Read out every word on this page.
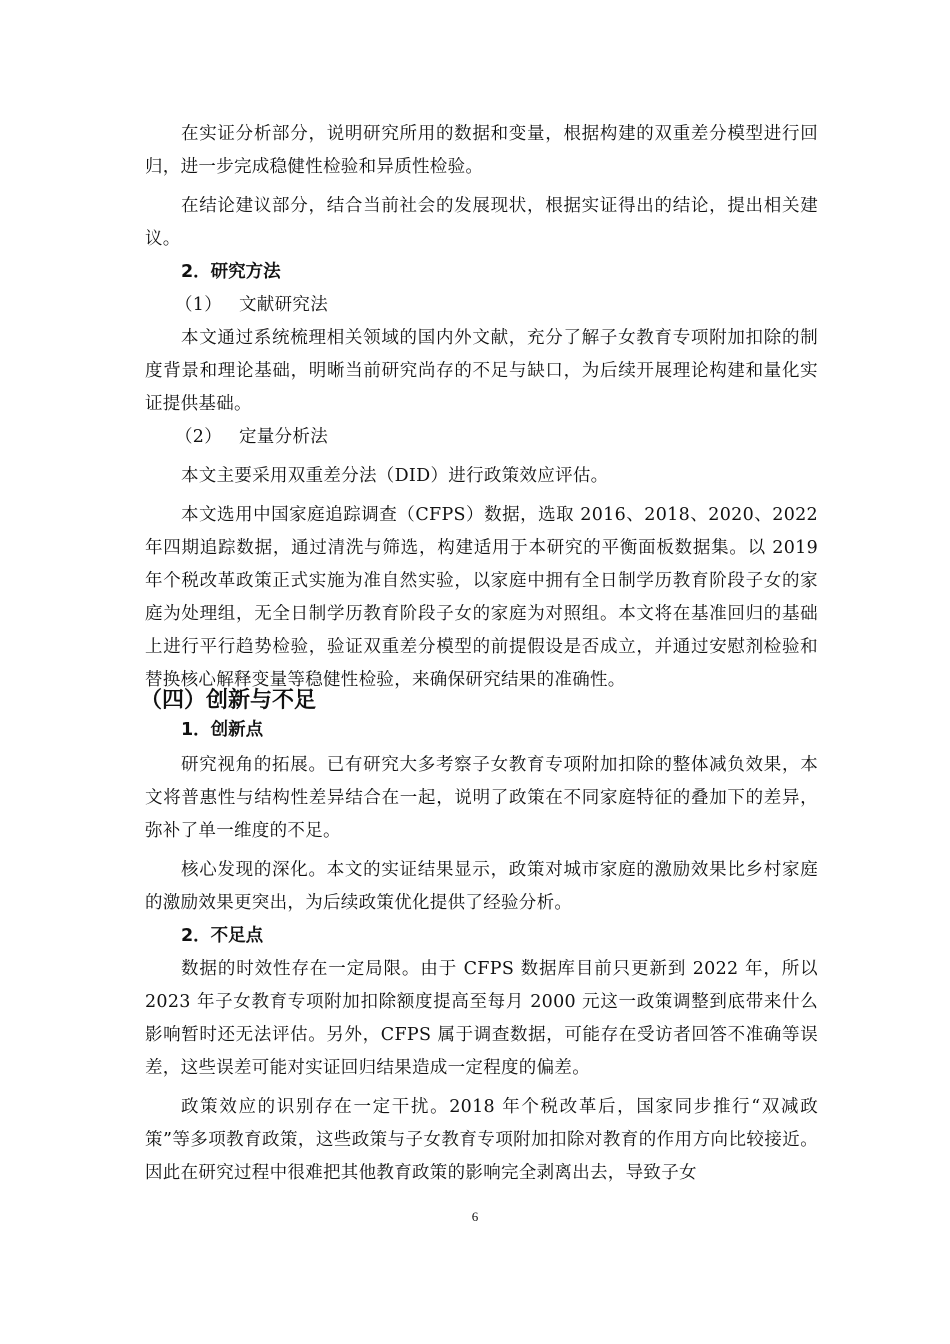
在实证分析部分，说明研究所用的数据和变量，根据构建的双重差分模型进行回归，进一步完成稳健性检验和异质性检验。

在结论建议部分，结合当前社会的发展现状，根据实证得出的结论，提出相关建议。

2．研究方法

（1） 文献研究法

本文通过系统梳理相关领域的国内外文献，充分了解子女教育专项附加扣除的制度背景和理论基础，明晰当前研究尚存的不足与缺口，为后续开展理论构建和量化实证提供基础。

（2） 定量分析法

本文主要采用双重差分法（DID）进行政策效应评估。

本文选用中国家庭追踪调查（CFPS）数据，选取 2016、2018、2020、2022 年四期追踪数据，通过清洗与筛选，构建适用于本研究的平衡面板数据集。以 2019 年个税改革政策正式实施为准自然实验，以家庭中拥有全日制学历教育阶段子女的家庭为处理组，无全日制学历教育阶段子女的家庭为对照组。本文将在基准回归的基础上进行平行趋势检验，验证双重差分模型的前提假设是否成立，并通过安慰剂检验和替换核心解释变量等稳健性检验，来确保研究结果的准确性。

（四）创新与不足

1．创新点

研究视角的拓展。已有研究大多考察子女教育专项附加扣除的整体减负效果，本文将普惠性与结构性差异结合在一起，说明了政策在不同家庭特征的叠加下的差异，弥补了单一维度的不足。

核心发现的深化。本文的实证结果显示，政策对城市家庭的激励效果比乡村家庭的激励效果更突出，为后续政策优化提供了经验分析。

2．不足点

数据的时效性存在一定局限。由于 CFPS 数据库目前只更新到 2022 年，所以 2023 年子女教育专项附加扣除额度提高至每月 2000 元这一政策调整到底带来什么影响暂时还无法评估。另外，CFPS 属于调查数据，可能存在受访者回答不准确等误差，这些误差可能对实证回归结果造成一定程度的偏差。

政策效应的识别存在一定干扰。2018 年个税改革后，国家同步推行“双减政策”等多项教育政策，这些政策与子女教育专项附加扣除对教育的作用方向比较接近。因此在研究过程中很难把其他教育政策的影响完全剥离出去，导致子女

6
